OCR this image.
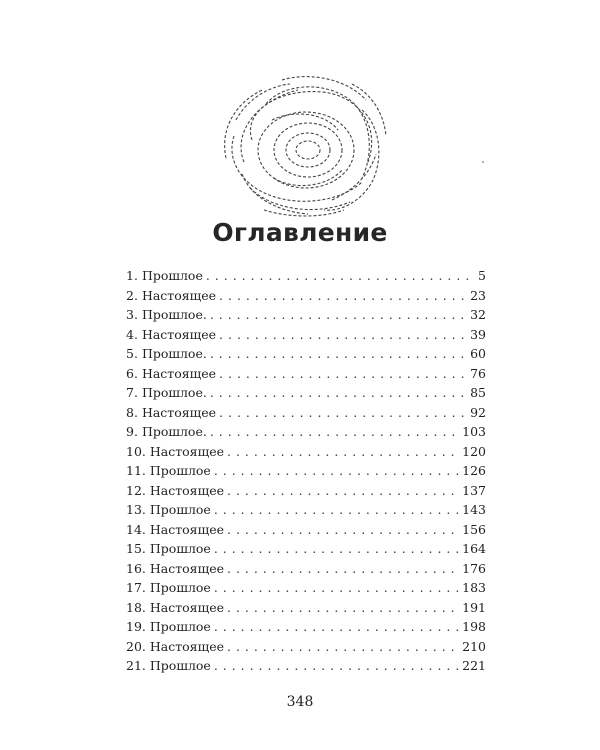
Оглавление
1. Прошлое . . .	5
2. Настоящее . . .	23
3. Прошлое. . . .	32
4. Настоящее . . .	39
5. Прошлое. . . .	60
6. Настоящее . . .	76
7. Прошлое. . . .	85
8. Настоящее . . .	92
9. Прошлое. . . .	103
10. Настоящее . . .	120
11. Прошлое . . .	126
12. Настоящее . . .	137
13. Прошлое . . .	143
14. Настоящее . . .	156
15. Прошлое . . .	164
16. Настоящее . . .	176
17. Прошлое . . .	183
18. Настоящее . . .	191
19. Прошлое . . .	198
20. Настоящее . . .	210
21. Прошлое . . .	221
348
